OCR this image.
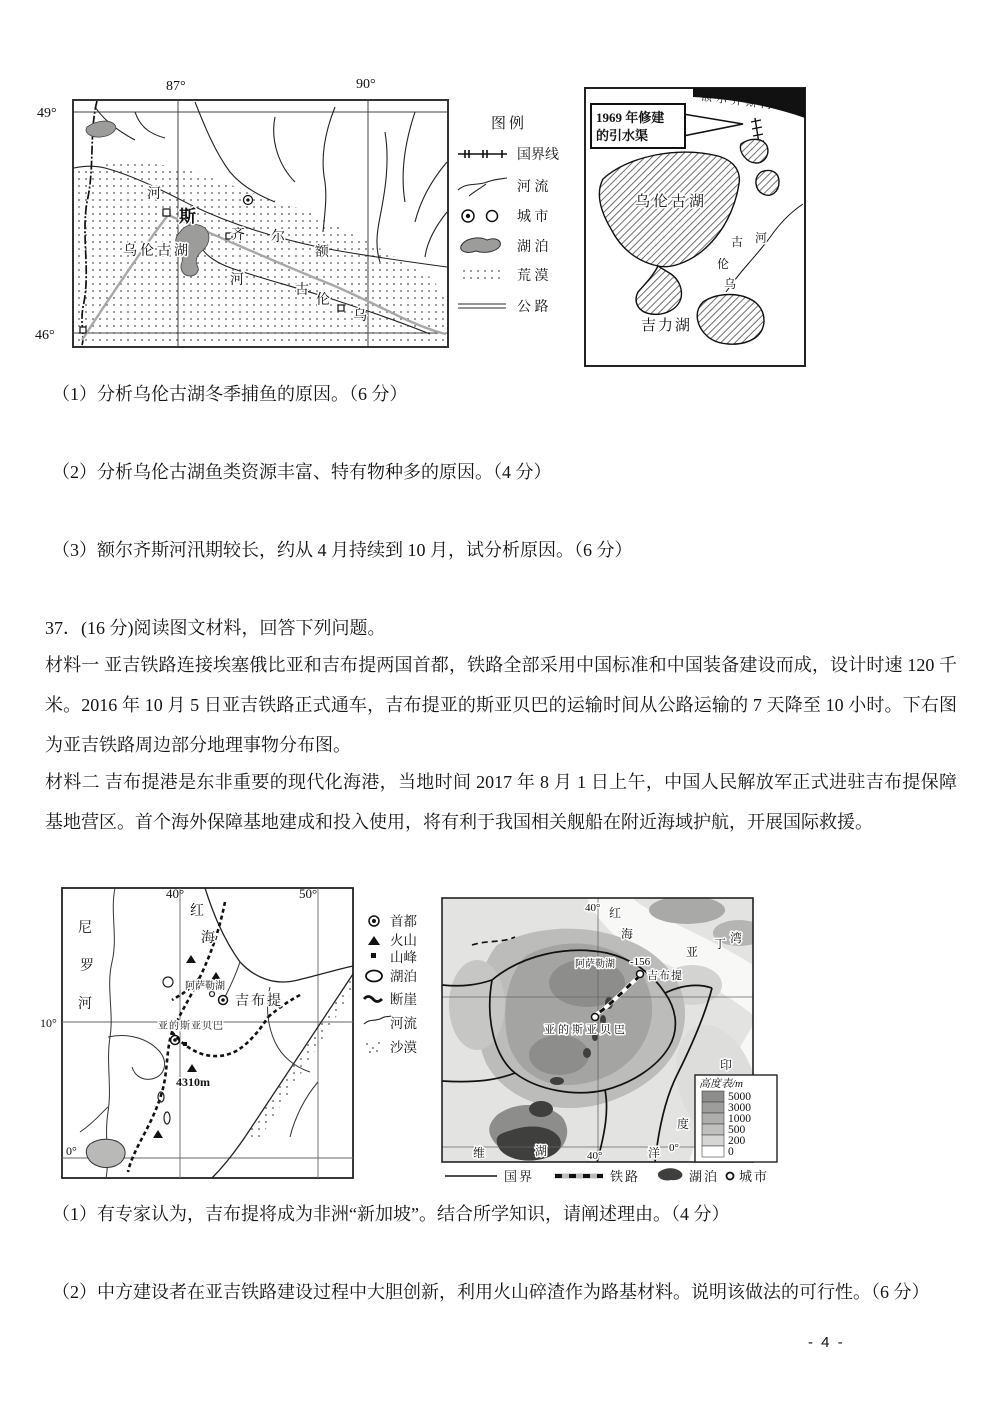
87°	90°
49°
46°
额
尔
齐
斯
河
乌
伦
古
河
乌伦古湖
图例
国界线
河 流
城 市
湖 泊
荒 漠
公 路
额尔齐斯河
1969 年修建
的引水渠
乌伦古湖
古 河
伦
乌
吉力湖
（1）分析乌伦古湖冬季捕鱼的原因。（6 分）
（2）分析乌伦古湖鱼类资源丰富、特有物种多的原因。（4 分）
（3）额尔齐斯河汛期较长，约从 4 月持续到 10 月，试分析原因。（6 分）
37．(16 分)阅读图文材料，回答下列问题。
材料一 亚吉铁路连接埃塞俄比亚和吉布提两国首都，铁路全部采用中国标准和中国装备建设而成，设计时速 120 千米。2016 年 10 月 5 日亚吉铁路正式通车，吉布提亚的斯亚贝巴的运输时间从公路运输的 7 天降至 10 小时。下右图为亚吉铁路周边部分地理事物分布图。
材料二 吉布提港是东非重要的现代化海港，当地时间 2017 年 8 月 1 日上午，中国人民解放军正式进驻吉布提保障基地营区。首个海外保障基地建成和投入使用，将有利于我国相关舰船在附近海域护航，开展国际救援。
40°	50°
10°
0°
尼
罗
河
红
海
阿萨勒湖
吉布提
亚的斯亚贝巴
4310m
首都
火山
山峰
湖泊
断崖
河流
沙漠
40° 红
海
亚
丁 湾
阿萨勒湖 -156
吉布提
亚的斯亚贝巴
印
度
洋 0°
40°
维	湖
高度表/m
5000
3000
1000
500
200
0
国界	铁路	湖泊 城市
（1）有专家认为，吉布提将成为非洲“新加坡”。结合所学知识，请阐述理由。（4 分）
（2）中方建设者在亚吉铁路建设过程中大胆创新，利用火山碎渣作为路基材料。说明该做法的可行性。（6 分）
- 4 -
